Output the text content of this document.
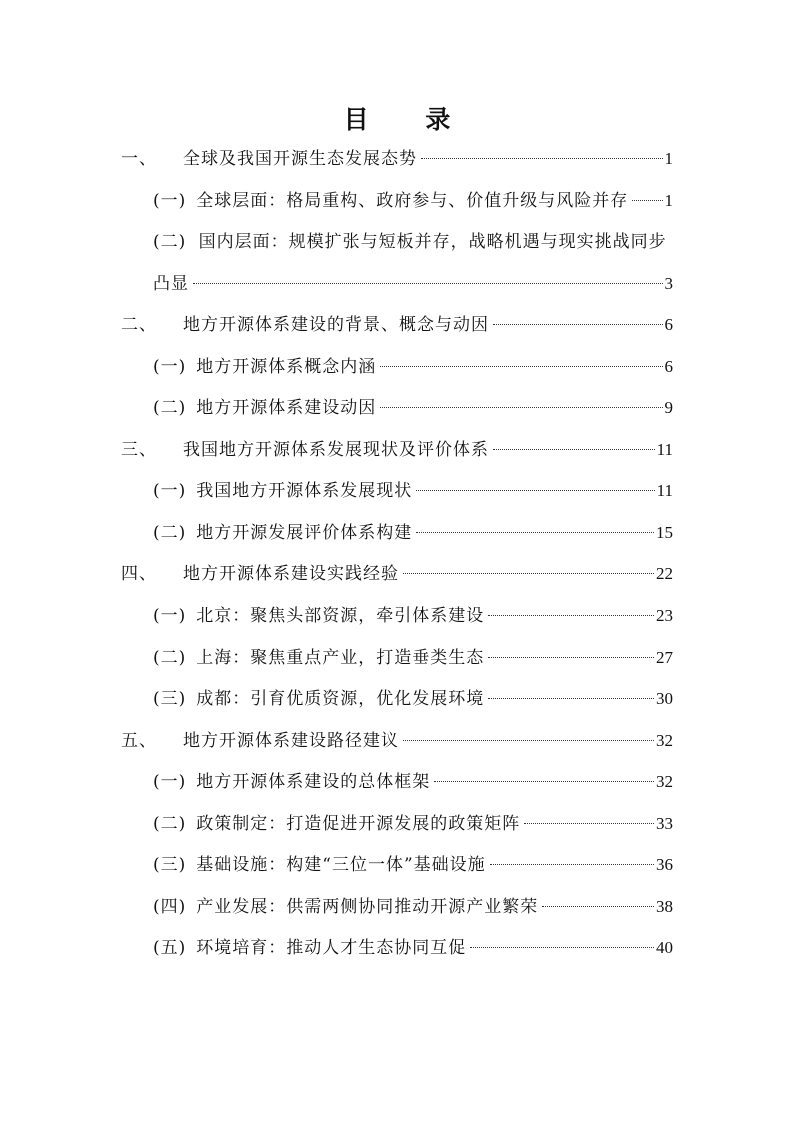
目 录
一、 全球及我国开源生态发展态势	1
(一) 全球层面：格局重构、政府参与、价值升级与风险并存 1
(二) 国内层面：规模扩张与短板并存，战略机遇与现实挑战同步
凸显	3
二、 地方开源体系建设的背景、概念与动因	6
(一) 地方开源体系概念内涵	6
(二) 地方开源体系建设动因	9
三、 我国地方开源体系发展现状及评价体系	11
(一) 我国地方开源体系发展现状	11
(二) 地方开源发展评价体系构建	15
四、 地方开源体系建设实践经验	22
(一) 北京：聚焦头部资源，牵引体系建设	23
(二) 上海：聚焦重点产业，打造垂类生态	27
(三) 成都：引育优质资源，优化发展环境	30
五、 地方开源体系建设路径建议	32
(一) 地方开源体系建设的总体框架	32
(二) 政策制定：打造促进开源发展的政策矩阵	33
(三) 基础设施：构建“三位一体”基础设施	36
(四) 产业发展：供需两侧协同推动开源产业繁荣	38
(五) 环境培育：推动人才生态协同互促	40
